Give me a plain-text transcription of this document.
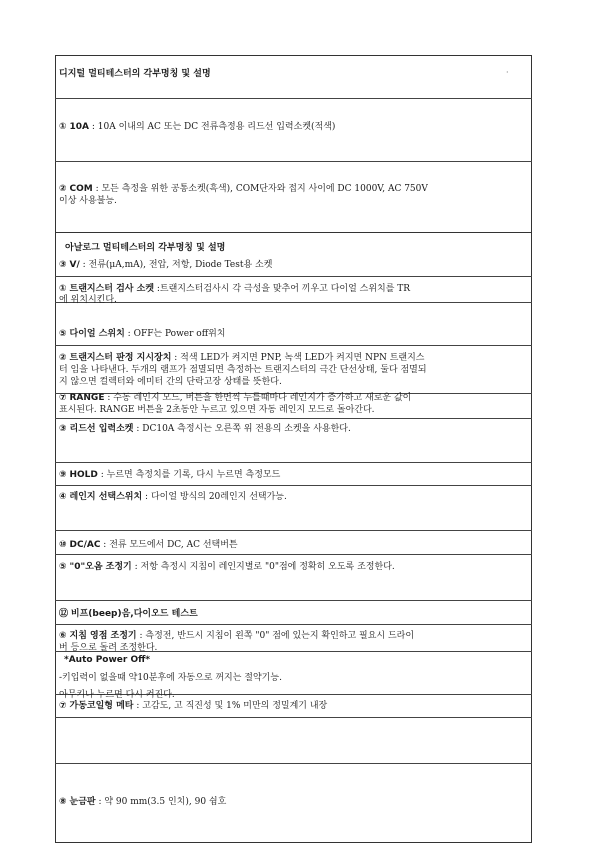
디지털 멀티테스터의 각부명칭 및 설명	·
① 10A : 10A 이내의 AC 또는 DC 전류측정용 리드선 입력소켓(적색)
② COM : 모든 측정을 위한 공통소켓(흑색), COM단자와 접지 사이에 DC 1000V, AC 750V
이상 사용불능.
아날로그 멀티테스터의 각부명칭 및 설명
③ V/ : 전류(μA,mA), 전압, 저항, Diode Test용 소켓
① 트랜지스터 검사 소켓 :트랜지스터검사시 각 극성을 맞추어 끼우고 다이얼 스위치를 TR
에 위치시킨다.
⑤ 다이얼 스위치 : OFF는 Power off위치
② 트랜지스터 판정 지시장치 : 적색 LED가 켜지면 PNP, 녹색 LED가 켜지면 NPN 트랜지스
터 임을 나타낸다. 두개의 램프가 점멸되면 측정하는 트랜지스터의 극간 단선상태, 둘다 점멸되
지 않으면 컬렉터와 에미터 간의 단락고장 상태를 뜻한다.
⑦ RANGE : 수동 레인지 모드, 버튼을 한번씩 누를때마다 레인지가 증가하고 새로운 값이
표시된다. RANGE 버튼을 2초동안 누르고 있으면 자동 레인지 모드로 돌아간다.
③ 리드선 입력소켓 : DC10A 측정시는 오른쪽 위 전용의 소켓을 사용한다.
⑨ HOLD : 누르면 측정치를 기록, 다시 누르면 측정모드
④ 레인지 선택스위치 : 다이얼 방식의 20레인지 선택가능.
⑩ DC/AC : 전류 모드에서 DC, AC 선택버튼
⑤ "0"오옴 조정기 : 저항 측정시 지침이 레인지별로 "0"점에 정확히 오도록 조정한다.
⑫ 비프(beep)음,다이오드 테스트
⑥ 지침 영점 조정기 : 측정전, 반드시 지침이 왼쪽 "0" 점에 있는지 확인하고 필요시 드라이
버 등으로 돌려 조정한다.
*Auto Power Off*
-키입력이 없을때 약10분후에 자동으로 꺼지는 절약기능.
아무키나 누르면 다시 켜진다.
⑦ 가동코일형 메타 : 고감도, 고 직진성 및 1% 미만의 정밀계기 내장
⑧ 눈금판 : 약 90 mm(3.5 인치), 90 쉼호
